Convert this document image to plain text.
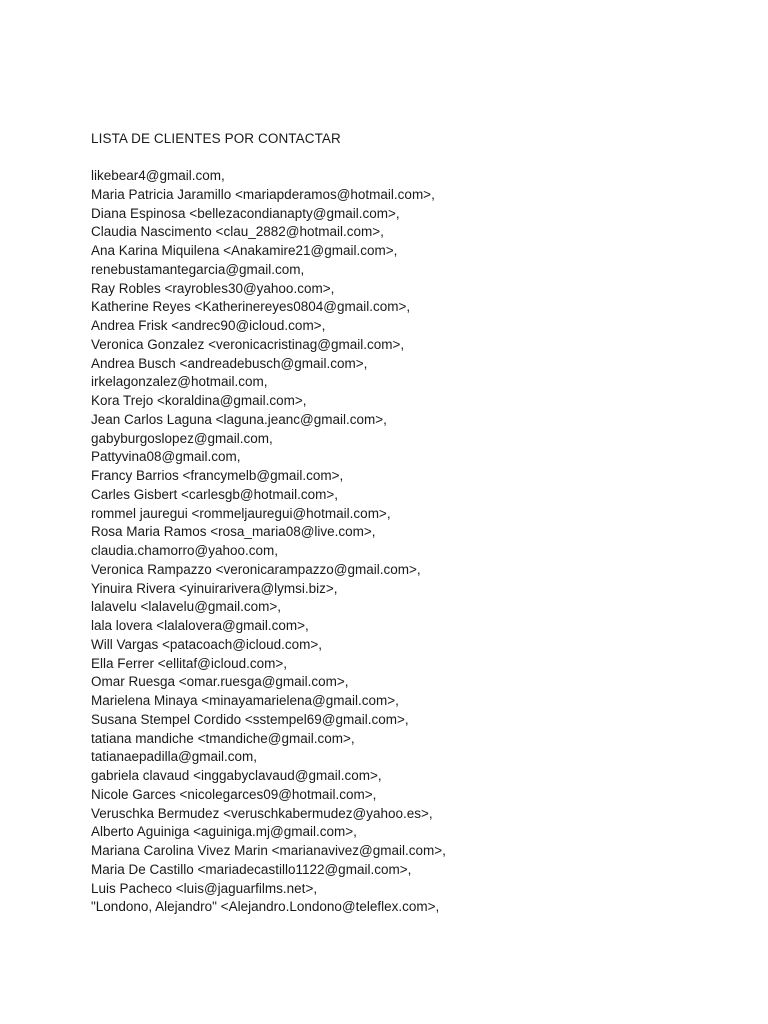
LISTA DE CLIENTES POR CONTACTAR
likebear4@gmail.com,
Maria Patricia Jaramillo <mariapderamos@hotmail.com>,
Diana Espinosa <bellezacondianapty@gmail.com>,
Claudia Nascimento <clau_2882@hotmail.com>,
Ana Karina Miquilena <Anakamire21@gmail.com>,
renebustamantegarcia@gmail.com,
Ray Robles <rayrobles30@yahoo.com>,
Katherine Reyes <Katherinereyes0804@gmail.com>,
Andrea Frisk <andrec90@icloud.com>,
Veronica Gonzalez <veronicacristinag@gmail.com>,
Andrea Busch <andreadebusch@gmail.com>,
irkelagonzalez@hotmail.com,
Kora Trejo <koraldina@gmail.com>,
Jean Carlos Laguna <laguna.jeanc@gmail.com>,
gabyburgoslopez@gmail.com,
Pattyvina08@gmail.com,
Francy Barrios <francymelb@gmail.com>,
Carles Gisbert <carlesgb@hotmail.com>,
rommel jauregui <rommeljauregui@hotmail.com>,
Rosa Maria Ramos <rosa_maria08@live.com>,
claudia.chamorro@yahoo.com,
Veronica Rampazzo <veronicarampazzo@gmail.com>,
Yinuira Rivera <yinuirarivera@lymsi.biz>,
lalavelu <lalavelu@gmail.com>,
lala lovera <lalalovera@gmail.com>,
Will Vargas <patacoach@icloud.com>,
Ella Ferrer <ellitaf@icloud.com>,
Omar Ruesga <omar.ruesga@gmail.com>,
Marielena Minaya <minayamarielena@gmail.com>,
Susana Stempel Cordido <sstempel69@gmail.com>,
tatiana mandiche <tmandiche@gmail.com>,
tatianaepadilla@gmail.com,
gabriela clavaud <inggabyclavaud@gmail.com>,
Nicole Garces <nicolegarces09@hotmail.com>,
Veruschka Bermudez <veruschkabermudez@yahoo.es>,
Alberto Aguiniga <aguiniga.mj@gmail.com>,
Mariana Carolina Vivez Marin <marianavivez@gmail.com>,
Maria De Castillo <mariadecastillo1122@gmail.com>,
Luis Pacheco <luis@jaguarfilms.net>,
"Londono, Alejandro" <Alejandro.Londono@teleflex.com>,
